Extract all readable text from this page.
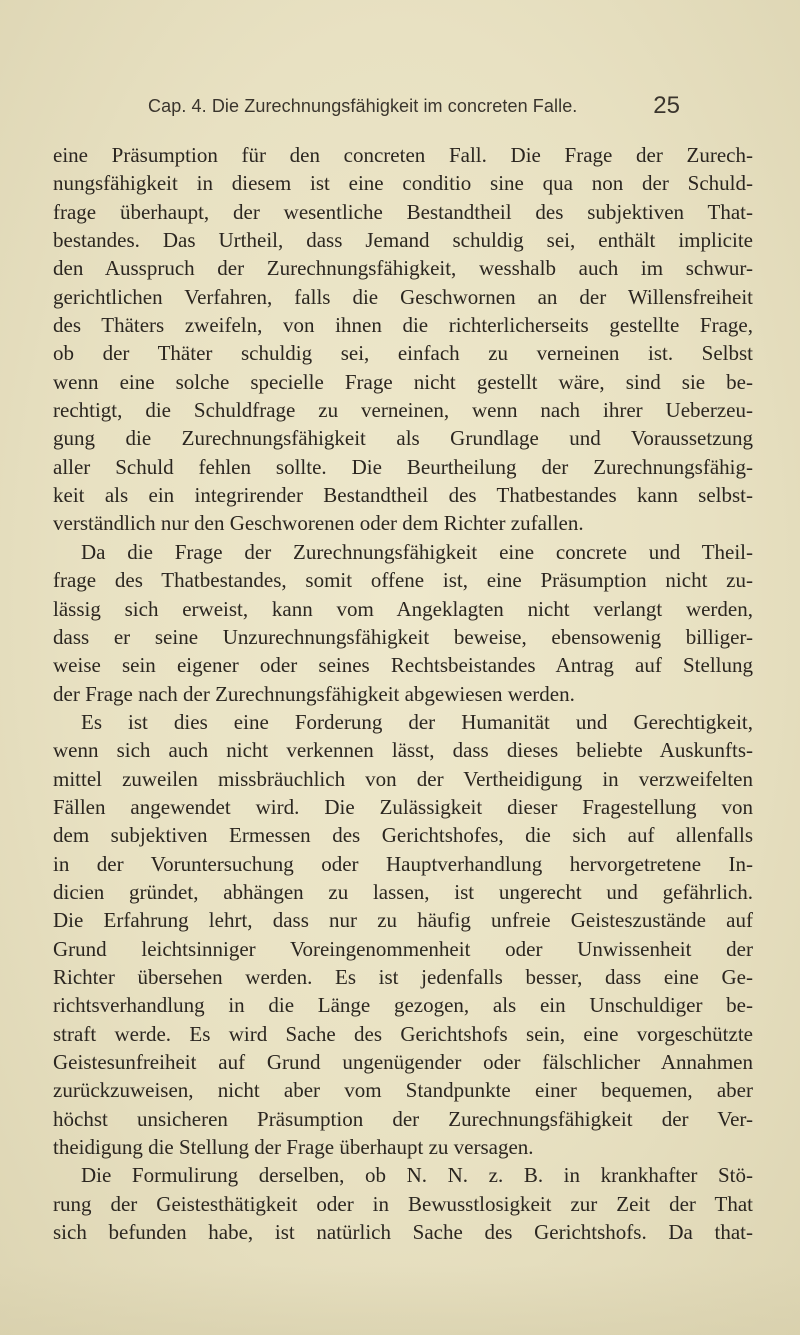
Cap. 4. Die Zurechnungsfähigkeit im concreten Falle.	25
eine Präsumption für den concreten Fall. Die Frage der Zurech-
nungsfähigkeit in diesem ist eine conditio sine qua non der Schuld-
frage überhaupt, der wesentliche Bestandtheil des subjektiven That-
bestandes. Das Urtheil, dass Jemand schuldig sei, enthält implicite
den Ausspruch der Zurechnungsfähigkeit, wesshalb auch im schwur-
gerichtlichen Verfahren, falls die Geschwornen an der Willensfreiheit
des Thäters zweifeln, von ihnen die richterlicherseits gestellte Frage,
ob der Thäter schuldig sei, einfach zu verneinen ist. Selbst
wenn eine solche specielle Frage nicht gestellt wäre, sind sie be-
rechtigt, die Schuldfrage zu verneinen, wenn nach ihrer Ueberzeu-
gung die Zurechnungsfähigkeit als Grundlage und Voraussetzung
aller Schuld fehlen sollte. Die Beurtheilung der Zurechnungsfähig-
keit als ein integrirender Bestandtheil des Thatbestandes kann selbst-
verständlich nur den Geschworenen oder dem Richter zufallen.
Da die Frage der Zurechnungsfähigkeit eine concrete und Theil-
frage des Thatbestandes, somit offene ist, eine Präsumption nicht zu-
lässig sich erweist, kann vom Angeklagten nicht verlangt werden,
dass er seine Unzurechnungsfähigkeit beweise, ebensowenig billiger-
weise sein eigener oder seines Rechtsbeistandes Antrag auf Stellung
der Frage nach der Zurechnungsfähigkeit abgewiesen werden.
Es ist dies eine Forderung der Humanität und Gerechtigkeit,
wenn sich auch nicht verkennen lässt, dass dieses beliebte Auskunfts-
mittel zuweilen missbräuchlich von der Vertheidigung in verzweifelten
Fällen angewendet wird. Die Zulässigkeit dieser Fragestellung von
dem subjektiven Ermessen des Gerichtshofes, die sich auf allenfalls
in der Voruntersuchung oder Hauptverhandlung hervorgetretene In-
dicien gründet, abhängen zu lassen, ist ungerecht und gefährlich.
Die Erfahrung lehrt, dass nur zu häufig unfreie Geisteszustände auf
Grund leichtsinniger Voreingenommenheit oder Unwissenheit der
Richter übersehen werden. Es ist jedenfalls besser, dass eine Ge-
richtsverhandlung in die Länge gezogen, als ein Unschuldiger be-
straft werde. Es wird Sache des Gerichtshofs sein, eine vorgeschützte
Geistesunfreiheit auf Grund ungenügender oder fälschlicher Annahmen
zurückzuweisen, nicht aber vom Standpunkte einer bequemen, aber
höchst unsicheren Präsumption der Zurechnungsfähigkeit der Ver-
theidigung die Stellung der Frage überhaupt zu versagen.
Die Formulirung derselben, ob N. N. z. B. in krankhafter Stö-
rung der Geistesthätigkeit oder in Bewusstlosigkeit zur Zeit der That
sich befunden habe, ist natürlich Sache des Gerichtshofs. Da that-
